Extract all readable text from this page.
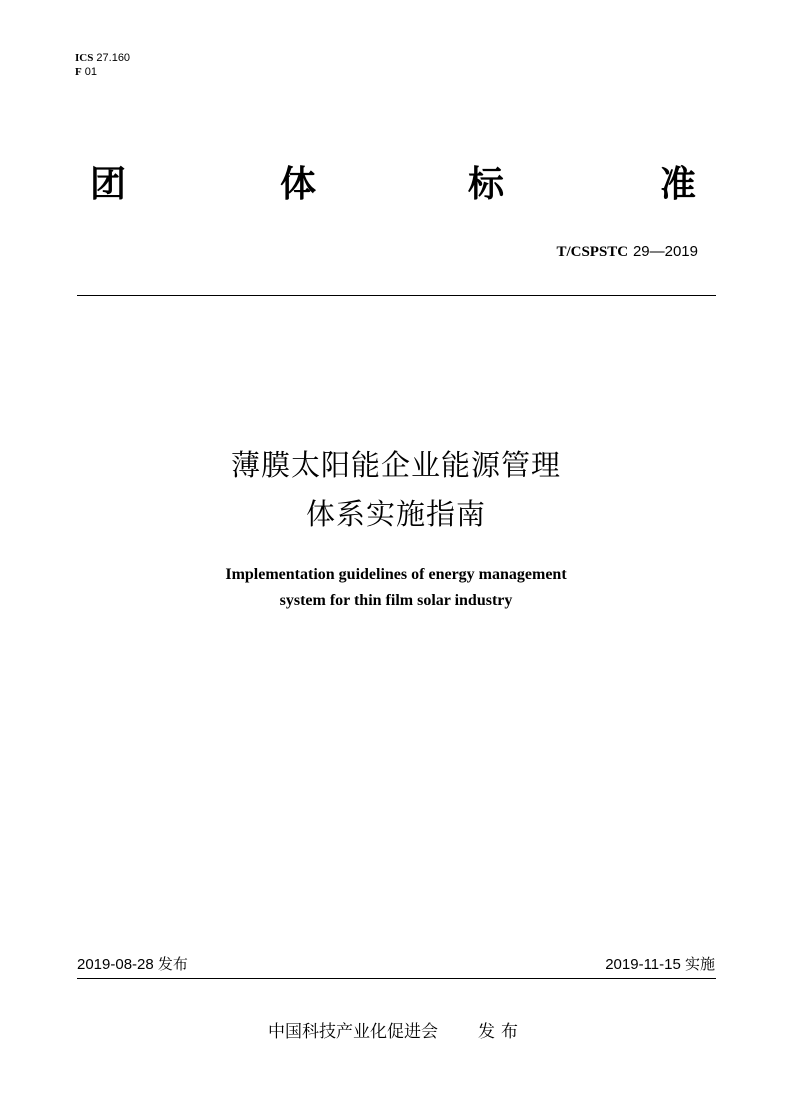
ICS 27.160
F 01
团	体	标	准
T/CSPSTC 29—2019
薄膜太阳能企业能源管理
体系实施指南
Implementation guidelines of energy management
system for thin film solar industry
2019-08-28 发布	2019-11-15 实施
中国科技产业化促进会 发布
